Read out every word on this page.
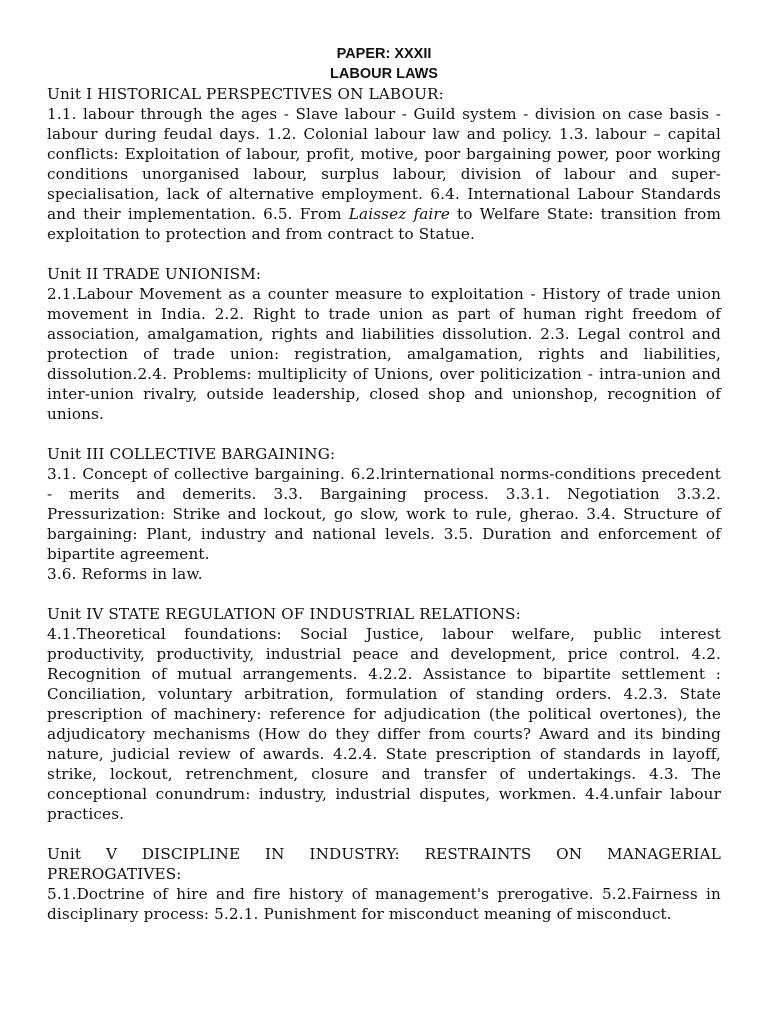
PAPER: XXXII

LABOUR LAWS

Unit I HISTORICAL PERSPECTIVES ON LABOUR:

1.1. labour through the ages - Slave labour - Guild system - division on case basis - labour during feudal days. 1.2. Colonial labour law and policy. 1.3. labour – capital conflicts: Exploitation of labour, profit, motive, poor bargaining power, poor working conditions unorganised labour, surplus labour, division of labour and super-specialisation, lack of alternative employment. 6.4. International Labour Standards and their implementation. 6.5. From Laissez faire to Welfare State: transition from exploitation to protection and from contract to Statue.

Unit II TRADE UNIONISM:

2.1.Labour Movement as a counter measure to exploitation - History of trade union movement in India. 2.2. Right to trade union as part of human right freedom of association, amalgamation, rights and liabilities dissolution. 2.3. Legal control and protection of trade union: registration, amalgamation, rights and liabilities, dissolution.2.4. Problems: multiplicity of Unions, over politicization - intra-union and inter-union rivalry, outside leadership, closed shop and unionshop, recognition of unions.

Unit III COLLECTIVE BARGAINING:

3.1. Concept of collective bargaining. 6.2.lrinternational norms-conditions precedent - merits and demerits. 3.3. Bargaining process. 3.3.1. Negotiation 3.3.2. Pressurization: Strike and lockout, go slow, work to rule, gherao. 3.4. Structure of bargaining: Plant, industry and national levels. 3.5. Duration and enforcement of bipartite agreement.

3.6. Reforms in law.

Unit IV STATE REGULATION OF INDUSTRIAL RELATIONS:

4.1.Theoretical foundations: Social Justice, labour welfare, public interest productivity, productivity, industrial peace and development, price control. 4.2. Recognition of mutual arrangements. 4.2.2. Assistance to bipartite settlement : Conciliation, voluntary arbitration, formulation of standing orders. 4.2.3. State prescription of machinery: reference for adjudication (the political overtones), the adjudicatory mechanisms (How do they differ from courts? Award and its binding nature, judicial review of awards. 4.2.4. State prescription of standards in layoff, strike, lockout, retrenchment, closure and transfer of undertakings. 4.3. The conceptional conundrum: industry, industrial disputes, workmen. 4.4.unfair labour practices.

Unit V DISCIPLINE IN INDUSTRY: RESTRAINTS ON MANAGERIAL PREROGATIVES:

5.1.Doctrine of hire and fire history of management's prerogative. 5.2.Fairness in disciplinary process: 5.2.1. Punishment for misconduct meaning of misconduct.
